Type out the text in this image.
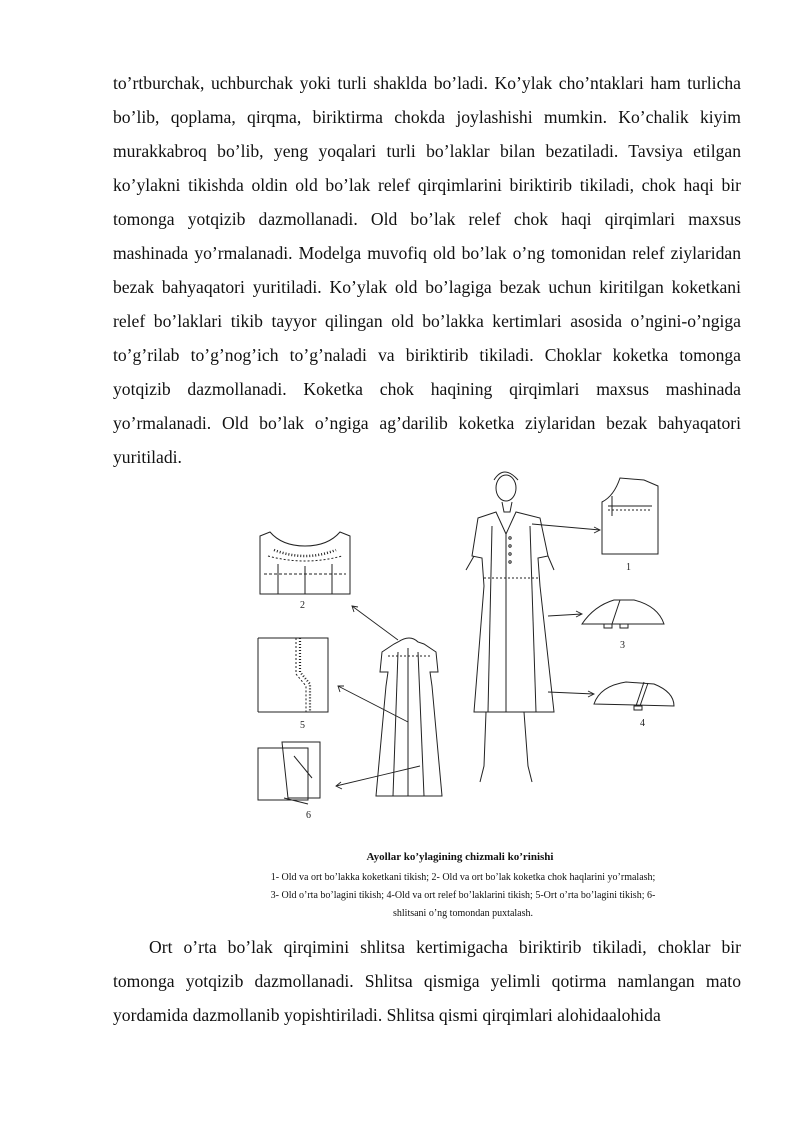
to’rtburchak, uchburchak yoki turli shaklda bo’ladi. Ko’ylak cho’ntaklari ham turlicha bo’lib, qoplama, qirqma, biriktirma chokda joylashishi mumkin. Ko’chalik kiyim murakkabroq bo’lib, yeng yoqalari turli bo’laklar bilan bezatiladi. Tavsiya etilgan ko’ylakni tikishda oldin old bo’lak relef qirqimlarini biriktirib tikiladi, chok haqi bir tomonga yotqizib dazmollanadi. Old bo’lak relef chok haqi qirqimlari maxsus mashinada yo’rmalanadi. Modelga muvofiq old bo’lak o’ng tomonidan relef ziylaridan bezak bahyaqatori yuritiladi. Ko’ylak old bo’lagiga bezak uchun kiritilgan koketkani relef bo’laklari tikib tayyor qilingan old bo’lakka kertimlari asosida o’ngini-o’ngiga to’g’rilab to’g’nog’ich to’g’naladi va biriktirib tikiladi. Choklar koketka tomonga yotqizib dazmollanadi. Koketka chok haqining qirqimlari maxsus mashinada yo’rmalanadi. Old bo’lak o’ngiga ag’darilib koketka ziylaridan bezak bahyaqatori yuritiladi.
2
5
6
1
3
4
Ayollar ko’ylagining chizmali ko’rinishi
1- Old va ort bo’lakka koketkani tikish; 2- Old va ort bo’lak koketka chok haqlarini yo’rmalash; 3- Old o’rta bo’lagini tikish; 4-Old va ort relef bo’laklarini tikish; 5-Ort o’rta bo’lagini tikish; 6-shlitsani o’ng tomondan puxtalash.
Ort o’rta bo’lak qirqimini shlitsa kertimigacha biriktirib tikiladi, choklar bir tomonga yotqizib dazmollanadi. Shlitsa qismiga yelimli qotirma namlangan mato yordamida dazmollanib yopishtiriladi. Shlitsa qismi qirqimlari alohidaalohida
